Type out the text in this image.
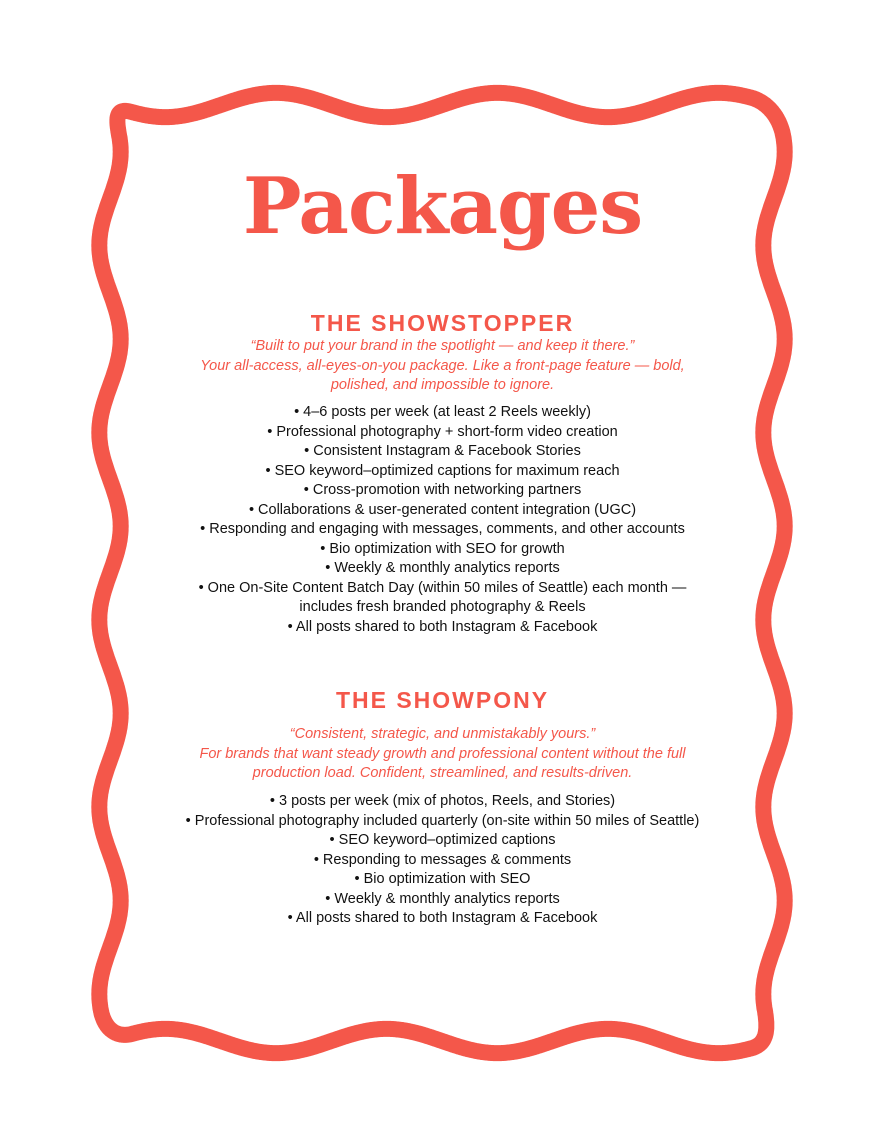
Packages
THE SHOWSTOPPER
“Built to put your brand in the spotlight — and keep it there.”
Your all-access, all-eyes-on-you package. Like a front-page feature — bold,
polished, and impossible to ignore.
• 4–6 posts per week (at least 2 Reels weekly)
• Professional photography + short-form video creation
• Consistent Instagram & Facebook Stories
• SEO keyword–optimized captions for maximum reach
• Cross-promotion with networking partners
• Collaborations & user-generated content integration (UGC)
• Responding and engaging with messages, comments, and other accounts
• Bio optimization with SEO for growth
• Weekly & monthly analytics reports
• One On-Site Content Batch Day (within 50 miles of Seattle) each month —
includes fresh branded photography & Reels
• All posts shared to both Instagram & Facebook
THE SHOWPONY
“Consistent, strategic, and unmistakably yours.”
For brands that want steady growth and professional content without the full
production load. Confident, streamlined, and results-driven.
• 3 posts per week (mix of photos, Reels, and Stories)
• Professional photography included quarterly (on-site within 50 miles of Seattle)
• SEO keyword–optimized captions
• Responding to messages & comments
• Bio optimization with SEO
• Weekly & monthly analytics reports
• All posts shared to both Instagram & Facebook
